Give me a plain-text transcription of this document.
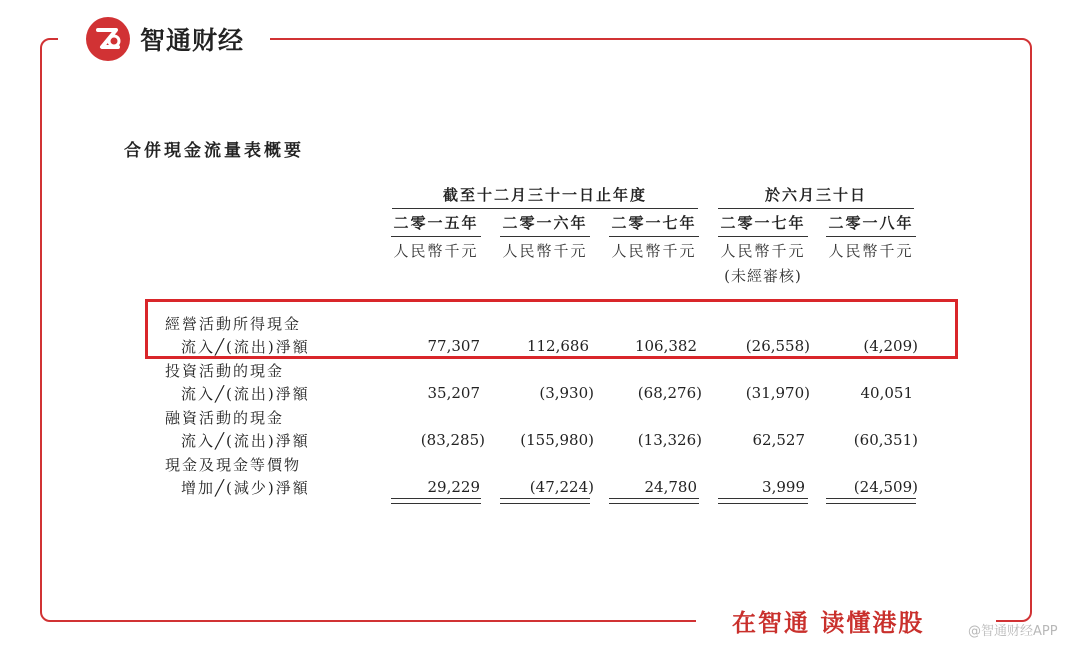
智通财经
合併現金流量表概要
截至十二月三十一日止年度	於六月三十日
二零一五年 二零一六年 二零一七年 二零一七年 二零一八年
人民幣千元 人民幣千元 人民幣千元 人民幣千元 人民幣千元
(未經審核)
經營活動所得現金
流入╱(流出)淨額	77,307	112,686	106,382	(26,558)	(4,209)
投資活動的現金
流入╱(流出)淨額	35,207	(3,930)	(68,276)	(31,970)	40,051
融資活動的現金
流入╱(流出)淨額	(83,285)	(155,980)	(13,326)	62,527	(60,351)
現金及現金等價物
增加╱(減少)淨額	29,229	(47,224)	24,780	3,999	(24,509)
在智通 读懂港股	@智通财经APP
